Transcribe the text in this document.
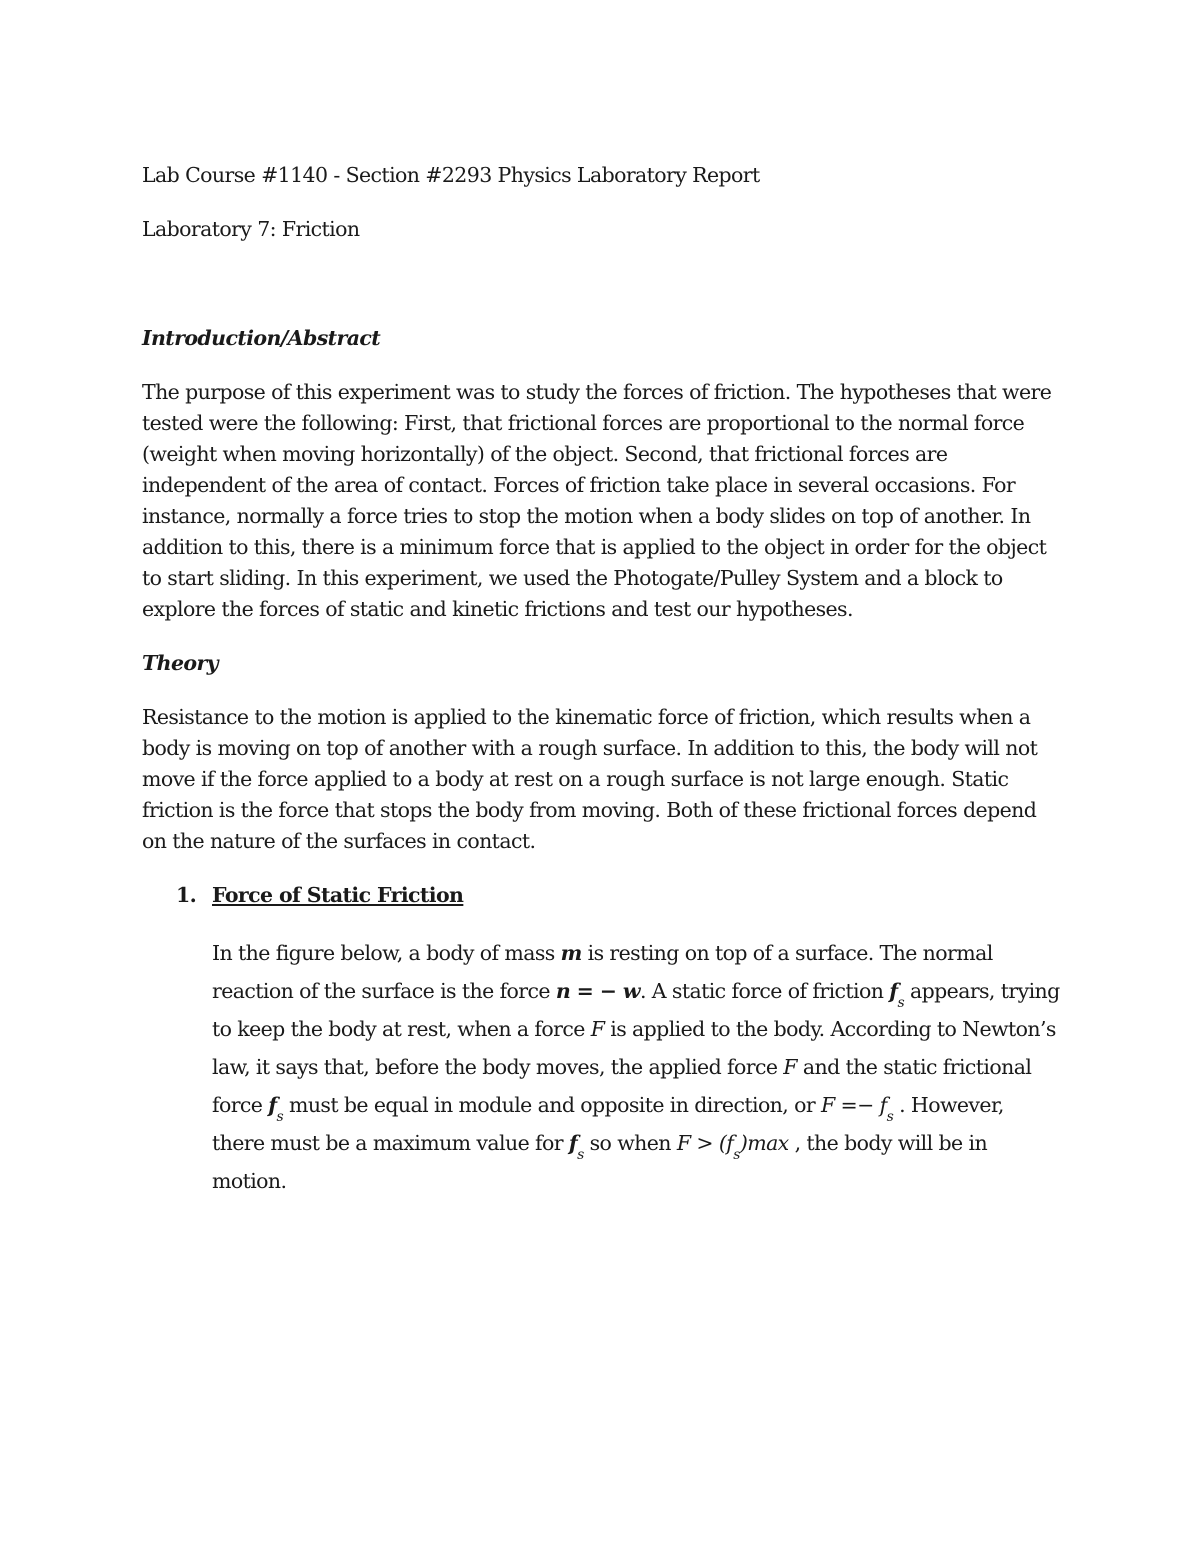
Lab Course #1140 - Section #2293 Physics Laboratory Report
Laboratory 7: Friction
Introduction/Abstract
The purpose of this experiment was to study the forces of friction. The hypotheses that were tested were the following: First, that frictional forces are proportional to the normal force (weight when moving horizontally) of the object. Second, that frictional forces are independent of the area of contact. Forces of friction take place in several occasions. For instance, normally a force tries to stop the motion when a body slides on top of another. In addition to this, there is a minimum force that is applied to the object in order for the object to start sliding. In this experiment, we used the Photogate/Pulley System and a block to explore the forces of static and kinetic frictions and test our hypotheses.
Theory
Resistance to the motion is applied to the kinematic force of friction, which results when a body is moving on top of another with a rough surface. In addition to this, the body will not move if the force applied to a body at rest on a rough surface is not large enough. Static friction is the force that stops the body from moving. Both of these frictional forces depend on the nature of the surfaces in contact.
1. Force of Static Friction
In the figure below, a body of mass m is resting on top of a surface. The normal reaction of the surface is the force n = − w. A static force of friction $f_s$ appears, trying to keep the body at rest, when a force F is applied to the body. According to Newton’s law, it says that, before the body moves, the applied force F and the static frictional force $f_s$ must be equal in module and opposite in direction, or $F =- f_s$ . However, there must be a maximum value for $f_s$ so when $F > (f_s)\max$ , the body will be in motion.
